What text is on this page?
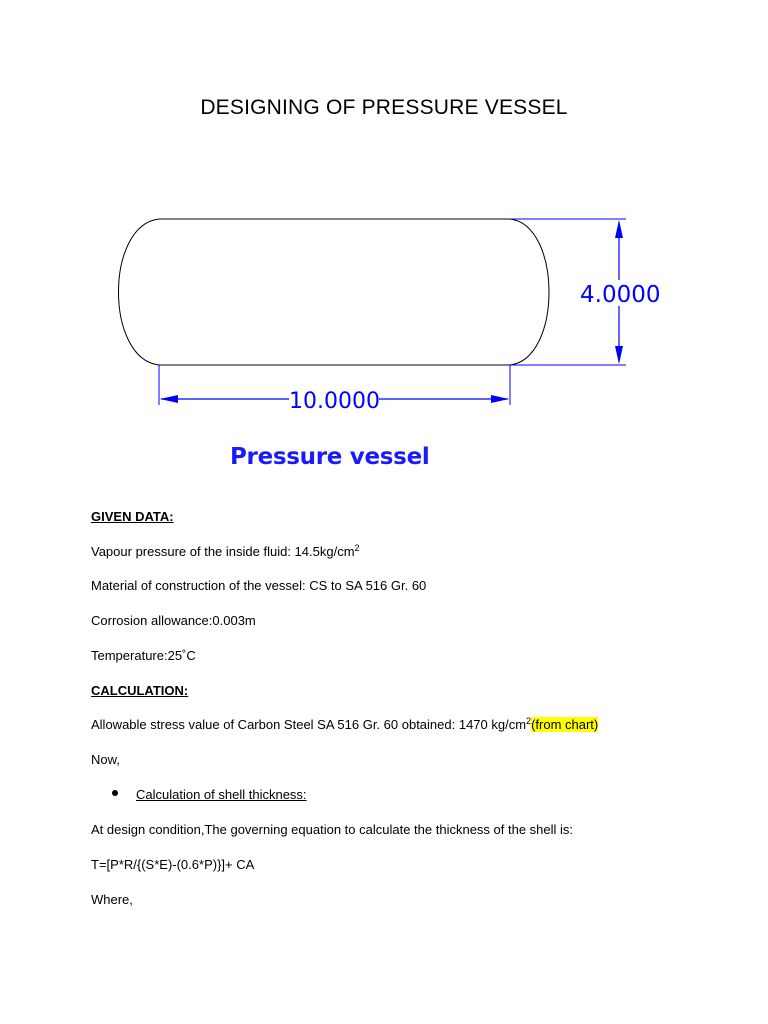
DESIGNING OF PRESSURE VESSEL
4.0000
10.0000
Pressure vessel
GIVEN DATA:
Vapour pressure of the inside fluid: $14.5kg/cm^2$
Material of construction of the vessel: CS to SA 516 Gr. 60
Corrosion allowance:0.003m
Temperature:25˚C
CALCULATION:
Allowable stress value of Carbon Steel SA 516 Gr. 60 obtained: 1470 $kg/cm^2(from$ chart)
Now,
Calculation of shell thickness:
At design condition,The governing equation to calculate the thickness of the shell is:
T=[P*R/{(S*E)-(0.6*P)}]+ CA
Where,
